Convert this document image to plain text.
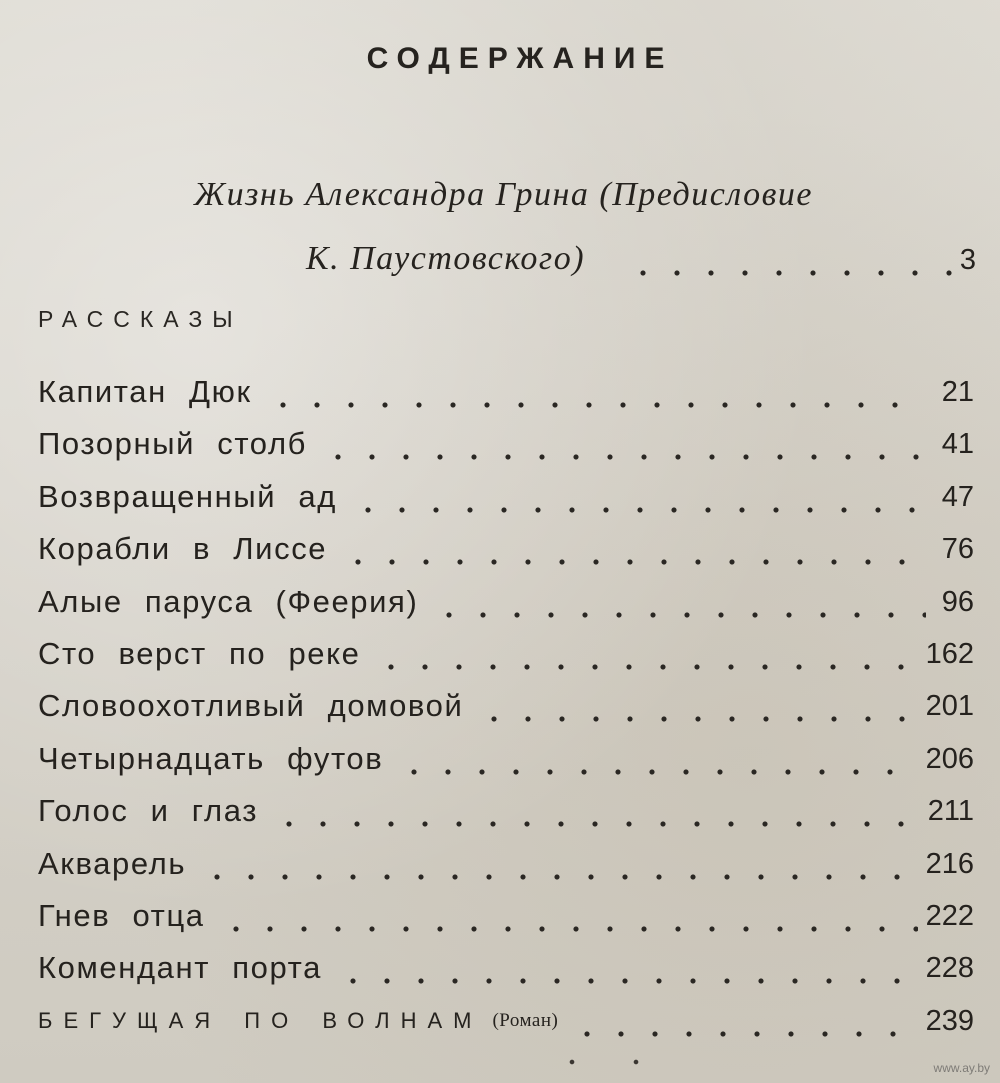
СОДЕРЖАНИЕ
Жизнь Александра Грина (Предисловие
К. Паустовского)	3
РАССКАЗЫ
Капитан Дюк	21
Позорный столб	41
Возвращенный ад	47
Корабли в Лиссе	76
Алые паруса (Феерия)	96
Сто верст по реке	162
Словоохотливый домовой	201
Четырнадцать футов	206
Голос и глаз	211
Акварель	216
Гнев отца	222
Комендант порта	228
БЕГУЩАЯ ПО ВОЛНАМ (Роман)	239
www.ay.by
